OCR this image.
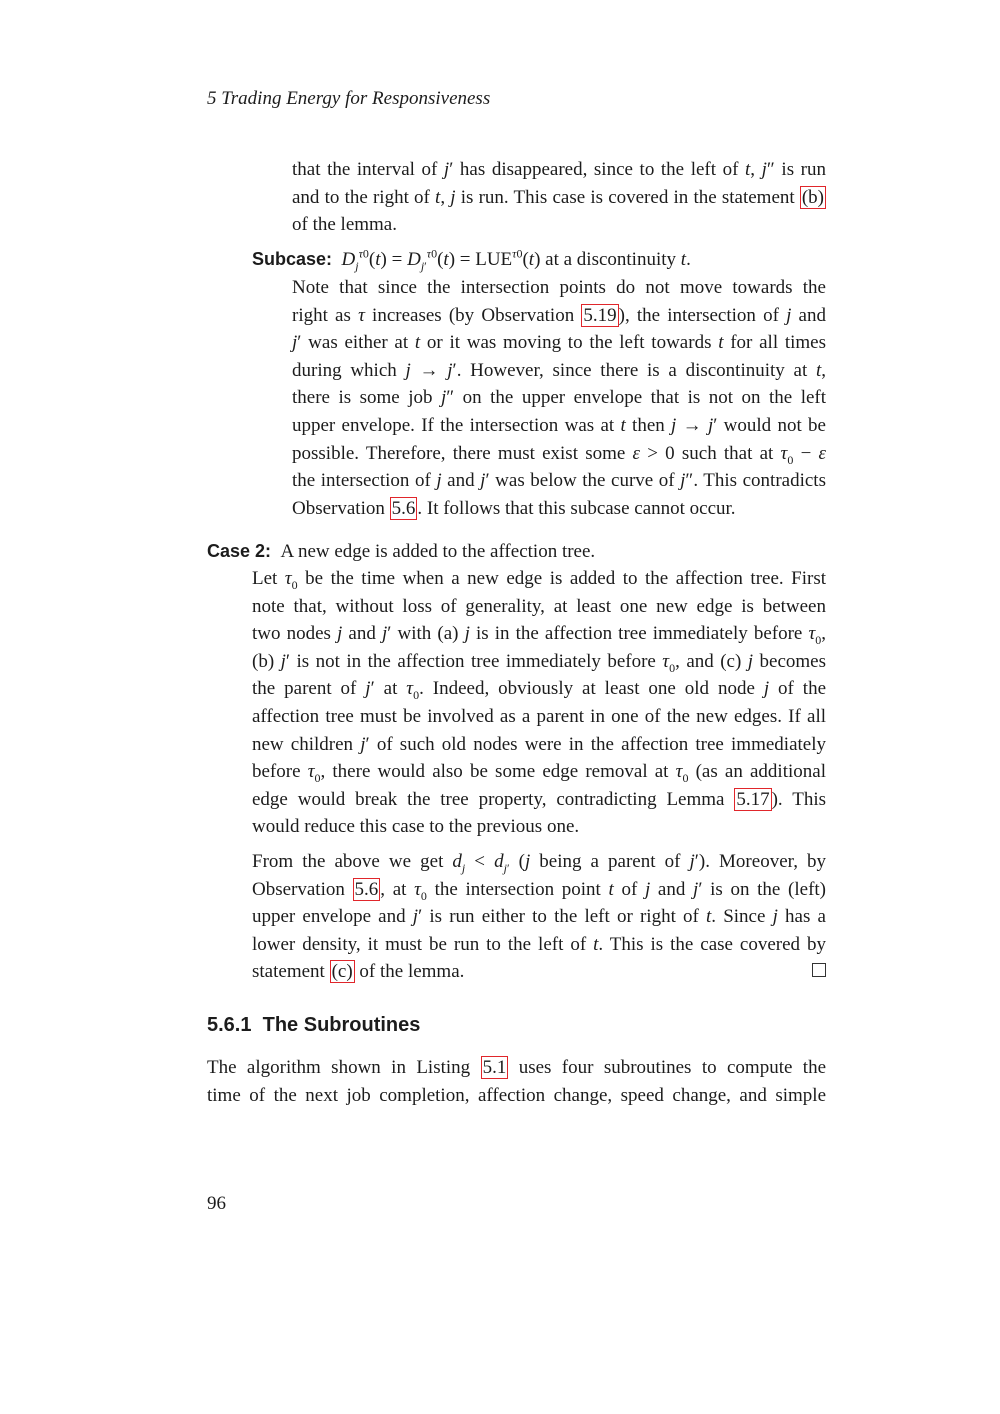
5 Trading Energy for Responsiveness
that the interval of j′ has disappeared, since to the left of t, j″ is run
and to the right of t, j is run. This case is covered in the statement (b)
of the lemma.
Subcase: $D_j^{\tau 0}(t) = D_{j'}^{\tau 0}(t) = LUE^{\tau 0}(t)$ at a discontinuity t.
Note that since the intersection points do not move towards the
right as τ increases (by Observation 5.19 ), the intersection of j and
j′ was either at t or it was moving to the left towards t for all times
during which j → j′. However, since there is a discontinuity at t,
there is some job j″ on the upper envelope that is not on the left
upper envelope. If the intersection was at t then j → j′ would not be
possible. Therefore, there must exist some ε > 0 such that at $\tau_0 - \varepsilon$
the intersection of j and j′ was below the curve of j″. This contradicts
Observation 5.6 . It follows that this subcase cannot occur.
Case 2: A new edge is added to the affection tree.
Let $\tau_0$ be the time when a new edge is added to the affection tree. First
note that, without loss of generality, at least one new edge is between
two nodes j and j′ with (a) j is in the affection tree immediately before $\tau_0$,
(b) j′ is not in the affection tree immediately before $\tau_0$, and (c) j becomes
the parent of j′ at $\tau_0$. Indeed, obviously at least one old node j of the
affection tree must be involved as a parent in one of the new edges. If all
new children j′ of such old nodes were in the affection tree immediately
before $\tau_0$, there would also be some edge removal at $\tau_0$ (as an additional
edge would break the tree property, contradicting Lemma 5.17 ). This
would reduce this case to the previous one.
From the above we get $d_j < d_{j'}$ (j being a parent of j′). Moreover, by
Observation 5.6 , at $\tau_0$ the intersection point t of j and j′ is on the (left)
upper envelope and j′ is run either to the left or right of t. Since j has a
lower density, it must be run to the left of t. This is the case covered by
statement (c) of the lemma.
5.6.1 The Subroutines
The algorithm shown in Listing 5.1 uses four subroutines to compute the
time of the next job completion, affection change, speed change, and simple
96
